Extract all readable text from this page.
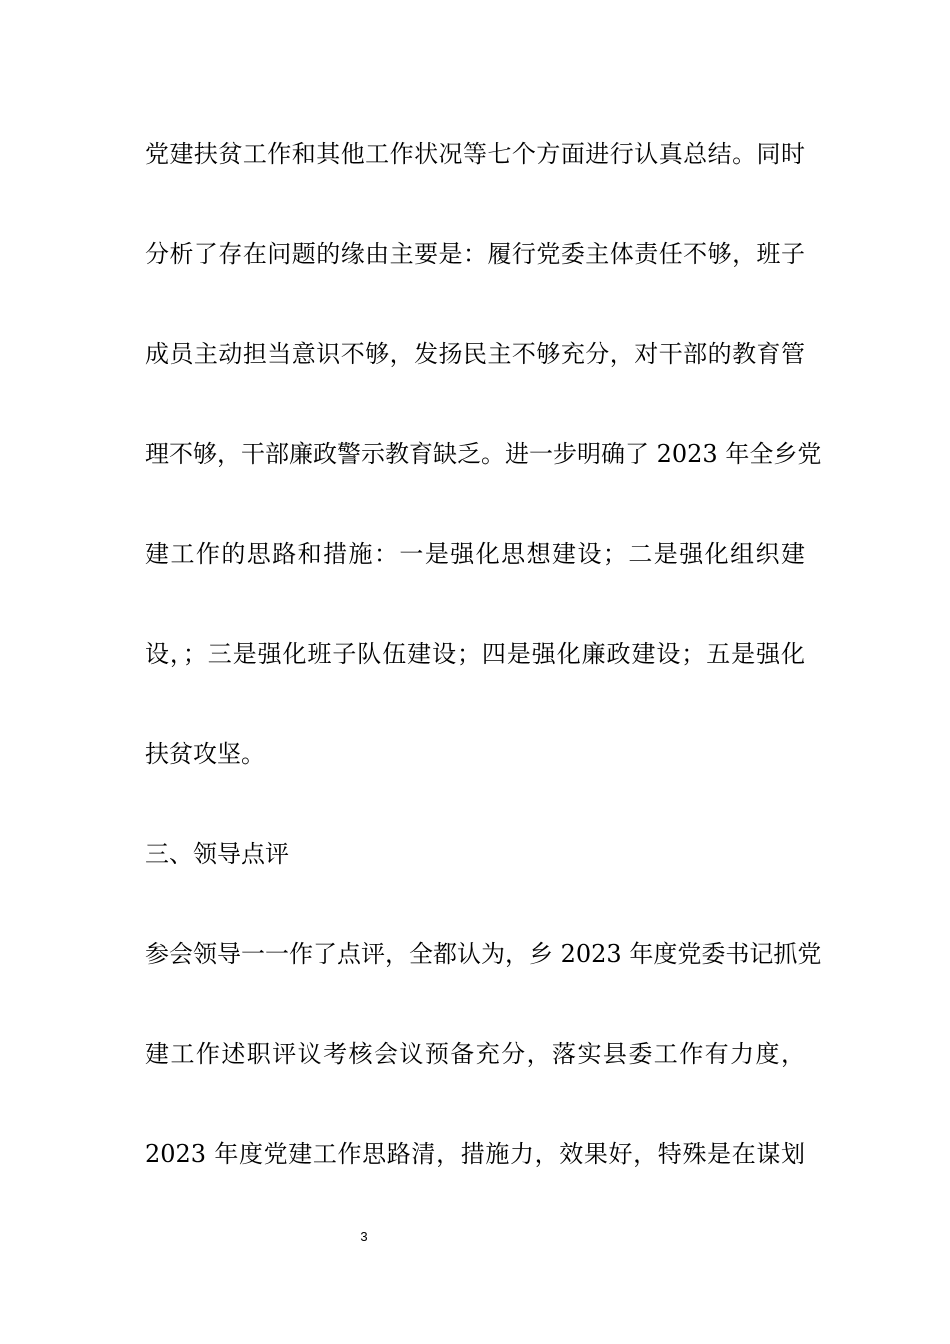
党建扶贫工作和其他工作状况等七个方面进行认真总结。同时
分析了存在问题的缘由主要是：履行党委主体责任不够，班子
成员主动担当意识不够，发扬民主不够充分，对干部的教育管
理不够，干部廉政警示教育缺乏。进一步明确了 2023 年全乡党
建工作的思路和措施：一是强化思想建设；二是强化组织建
设，；三是强化班子队伍建设；四是强化廉政建设；五是强化
扶贫攻坚。
三、领导点评
参会领导一一作了点评，全都认为，乡 2023 年度党委书记抓党
建工作述职评议考核会议预备充分，落实县委工作有力度，
2023 年度党建工作思路清，措施力，效果好，特殊是在谋划
3
